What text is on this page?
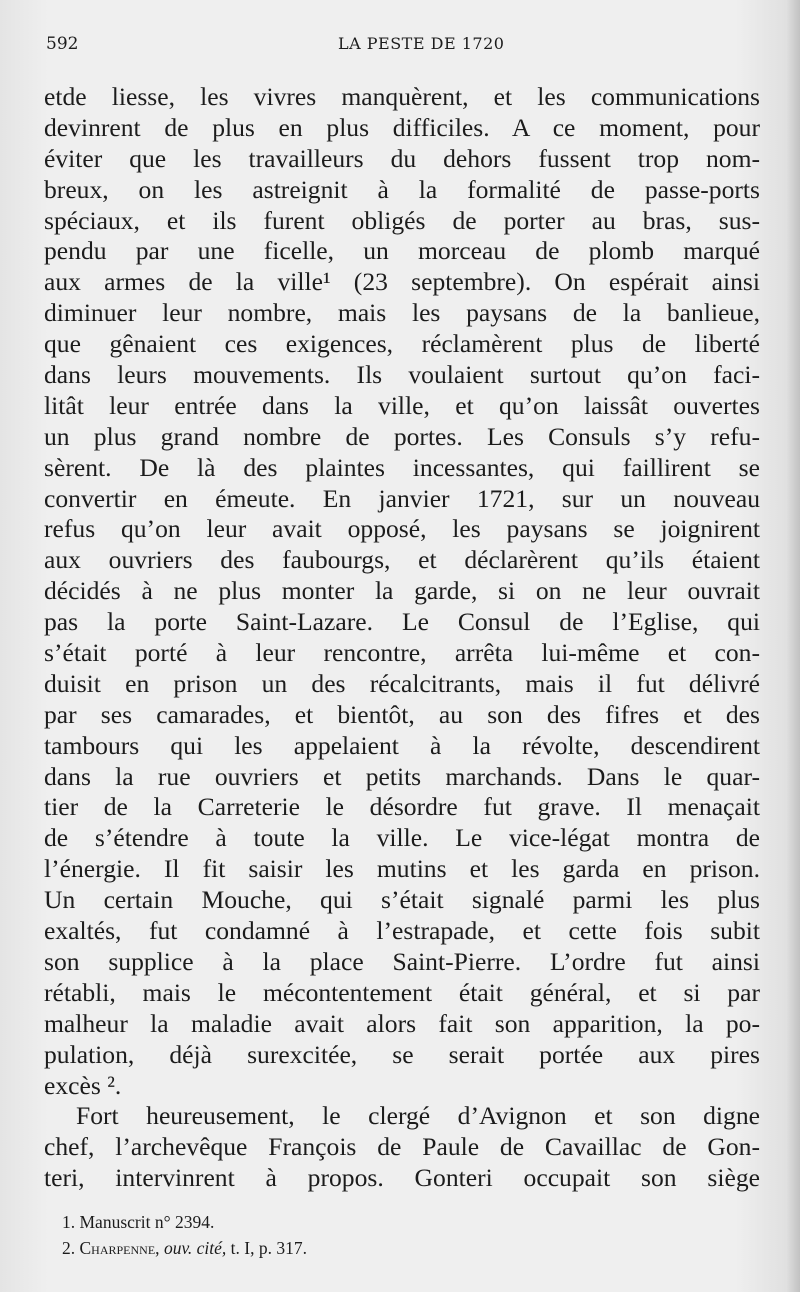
592	LA PESTE DE 1720
etde liesse, les vivres manquèrent, et les communications
devinrent de plus en plus difficiles. A ce moment, pour
éviter que les travailleurs du dehors fussent trop nom-
breux, on les astreignit à la formalité de passe-ports
spéciaux, et ils furent obligés de porter au bras, sus-
pendu par une ficelle, un morceau de plomb marqué
aux armes de la ville¹ (23 septembre). On espérait ainsi
diminuer leur nombre, mais les paysans de la banlieue,
que gênaient ces exigences, réclamèrent plus de liberté
dans leurs mouvements. Ils voulaient surtout qu’on faci-
litât leur entrée dans la ville, et qu’on laissât ouvertes
un plus grand nombre de portes. Les Consuls s’y refu-
sèrent. De là des plaintes incessantes, qui faillirent se
convertir en émeute. En janvier 1721, sur un nouveau
refus qu’on leur avait opposé, les paysans se joignirent
aux ouvriers des faubourgs, et déclarèrent qu’ils étaient
décidés à ne plus monter la garde, si on ne leur ouvrait
pas la porte Saint-Lazare. Le Consul de l’Eglise, qui
s’était porté à leur rencontre, arrêta lui-même et con-
duisit en prison un des récalcitrants, mais il fut délivré
par ses camarades, et bientôt, au son des fifres et des
tambours qui les appelaient à la révolte, descendirent
dans la rue ouvriers et petits marchands. Dans le quar-
tier de la Carreterie le désordre fut grave. Il menaçait
de s’étendre à toute la ville. Le vice-légat montra de
l’énergie. Il fit saisir les mutins et les garda en prison.
Un certain Mouche, qui s’était signalé parmi les plus
exaltés, fut condamné à l’estrapade, et cette fois subit
son supplice à la place Saint-Pierre. L’ordre fut ainsi
rétabli, mais le mécontentement était général, et si par
malheur la maladie avait alors fait son apparition, la po-
pulation, déjà surexcitée, se serait portée aux pires
excès ².
Fort heureusement, le clergé d’Avignon et son digne
chef, l’archevêque François de Paule de Cavaillac de Gon-
teri, intervinrent à propos. Gonteri occupait son siège
1. Manuscrit n° 2394.
2. Charpenne, ouv. cité, t. I, p. 317.
